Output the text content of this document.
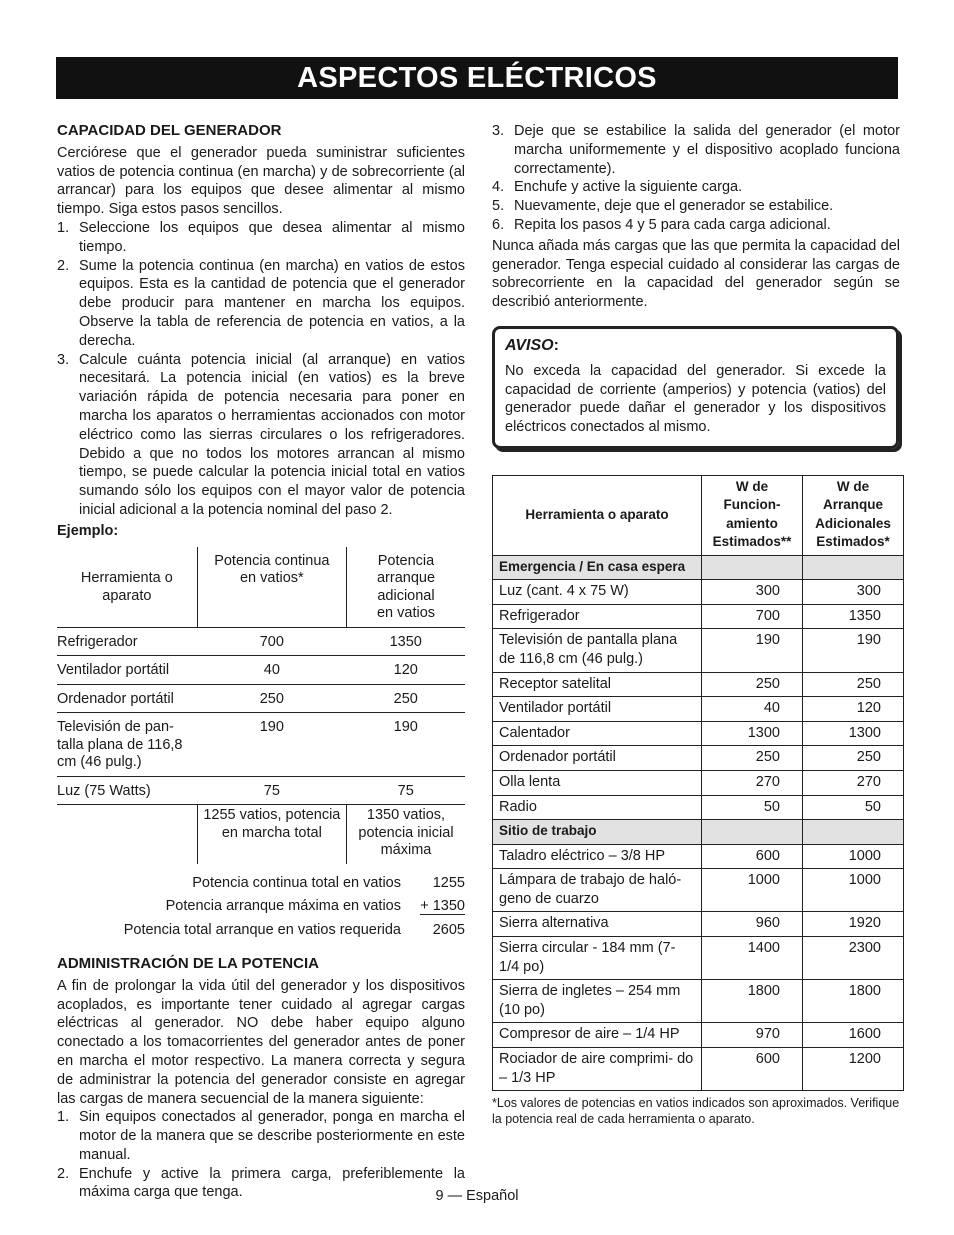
ASPECTOS ELÉCTRICOS
CAPACIDAD DEL GENERADOR

Cerciórese que el generador pueda suministrar suficientes vatios de potencia continua (en marcha) y de sobrecorriente (al arrancar) para los equipos que desee alimentar al mismo tiempo. Siga estos pasos sencillos.

1. Seleccione los equipos que desea alimentar al mismo tiempo.
2. Sume la potencia continua (en marcha) en vatios de estos equipos. Esta es la cantidad de potencia que el generador debe producir para mantener en marcha los equipos. Observe la tabla de referencia de potencia en vatios, a la derecha.
3. Calcule cuánta potencia inicial (al arranque) en vatios necesitará. La potencia inicial (en vatios) es la breve variación rápida de potencia necesaria para poner en marcha los aparatos o herramientas accionados con motor eléctrico como las sierras circulares o los refrigeradores. Debido a que no todos los motores arrancan al mismo tiempo, se puede calcular la potencia inicial total en vatios sumando sólo los equipos con el mayor valor de potencia inicial adicional a la potencia nominal del paso 2.
Ejemplo:
Herramienta o aparato	Potencia continua en vatios*	Potencia arranque adicional en vatios
Refrigerador	700	1350
Ventilador portátil	40	120
Ordenador portátil	250	250
Televisión de pan- talla plana de 116,8 cm (46 pulg.)	190	190
Luz (75 Watts)	75	75
	1255 vatios, potencia en marcha total	1350 vatios, potencia inicial máxima
Potencia continua total en vatios	1255
Potencia arranque máxima en vatios	+ 1350
Potencia total arranque en vatios requerida	2605
ADMINISTRACIÓN DE LA POTENCIA

A fin de prolongar la vida útil del generador y los dispositivos acoplados, es importante tener cuidado al agregar cargas eléctricas al generador. NO debe haber equipo alguno conectado a los tomacorrientes del generador antes de poner en marcha el motor respectivo. La manera correcta y segura de administrar la potencia del generador consiste en agregar las cargas de manera secuencial de la manera siguiente:

1. Sin equipos conectados al generador, ponga en marcha el motor de la manera que se describe posteriormente en este manual.
2. Enchufe y active la primera carga, preferiblemente la máxima carga que tenga.
3. Deje que se estabilice la salida del generador (el motor marcha uniformemente y el dispositivo acoplado funciona correctamente).
4. Enchufe y active la siguiente carga.
5. Nuevamente, deje que el generador se estabilice.
6. Repita los pasos 4 y 5 para cada carga adicional.

Nunca añada más cargas que las que permita la capacidad del generador. Tenga especial cuidado al considerar las cargas de sobrecorriente en la capacidad del generador según se describió anteriormente.

AVISO:

No exceda la capacidad del generador. Si excede la capacidad de corriente (amperios) y potencia (vatios) del generador puede dañar el generador y los dispositivos eléctricos conectados al mismo.

Herramienta o aparato	W de Funcion- amiento Estimados**	W de Arranque Adicionales Estimados*
Emergencia / En casa espera		
Luz (cant. 4 x 75 W)	300	300
Refrigerador	700	1350
Televisión de pantalla plana de 116,8 cm (46 pulg.)	190	190
Receptor satelital	250	250
Ventilador portátil	40	120
Calentador	1300	1300
Ordenador portátil	250	250
Olla lenta	270	270
Radio	50	50
Sitio de trabajo		
Taladro eléctrico – 3/8 HP	600	1000
Lámpara de trabajo de haló- geno de cuarzo	1000	1000
Sierra alternativa	960	1920
Sierra circular - 184 mm (7-1/4 po)	1400	2300
Sierra de ingletes – 254 mm (10 po)	1800	1800
Compresor de aire – 1/4 HP	970	1600
Rociador de aire comprimi- do – 1/3 HP	600	1200
*Los valores de potencias en vatios indicados son aproximados. Verifique la potencia real de cada herramienta o aparato.
9 — Español
